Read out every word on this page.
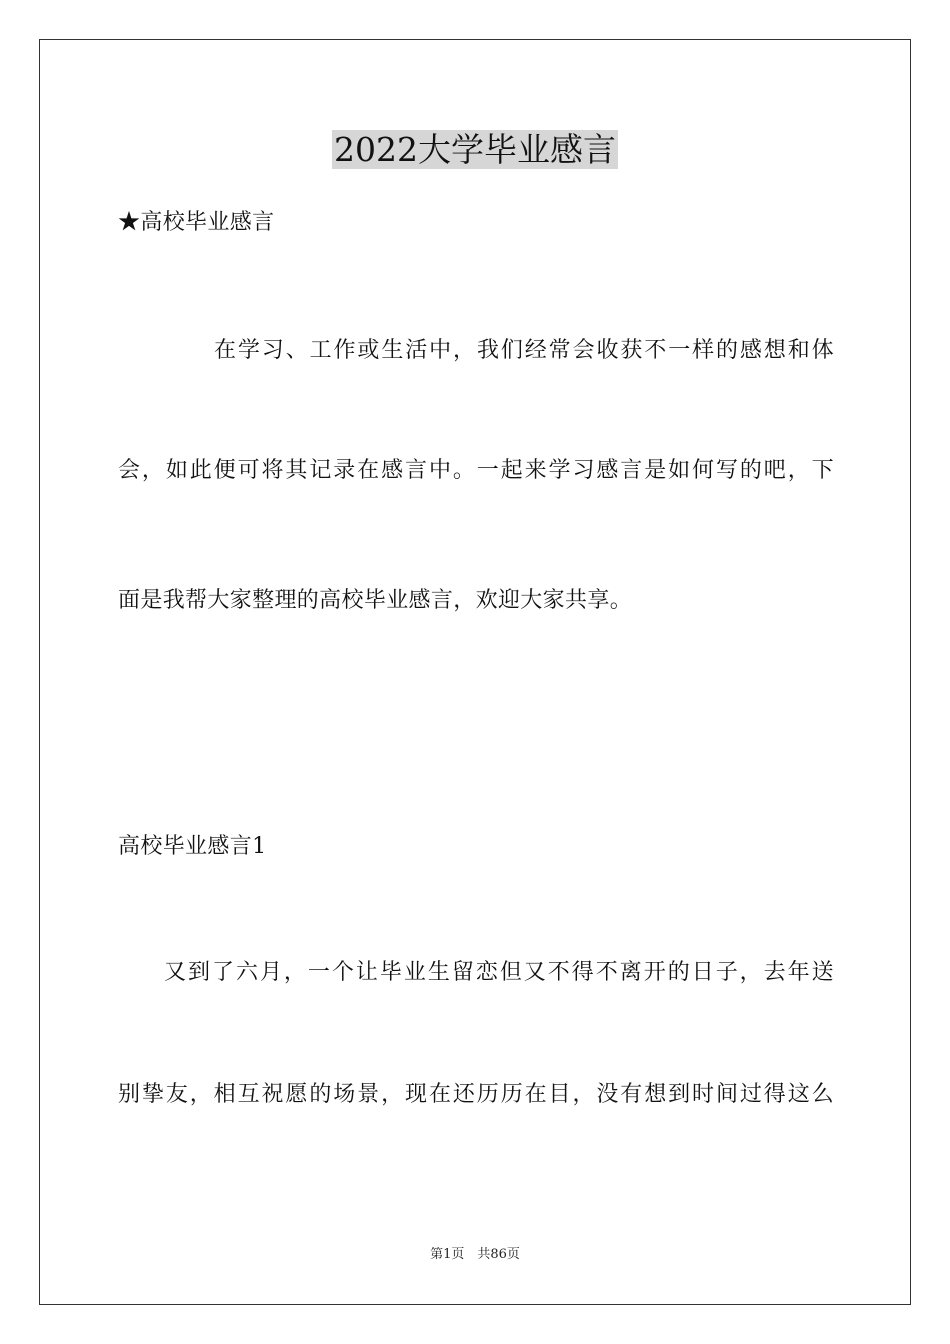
2022大学毕业感言
★高校毕业感言
在学习、工作或生活中，我们经常会收获不一样的感想和体
会，如此便可将其记录在感言中。一起来学习感言是如何写的吧，下
面是我帮大家整理的高校毕业感言，欢迎大家共享。
高校毕业感言1
又到了六月，一个让毕业生留恋但又不得不离开的日子，去年送
别挚友，相互祝愿的场景，现在还历历在目，没有想到时间过得这么
第1页　共86页
